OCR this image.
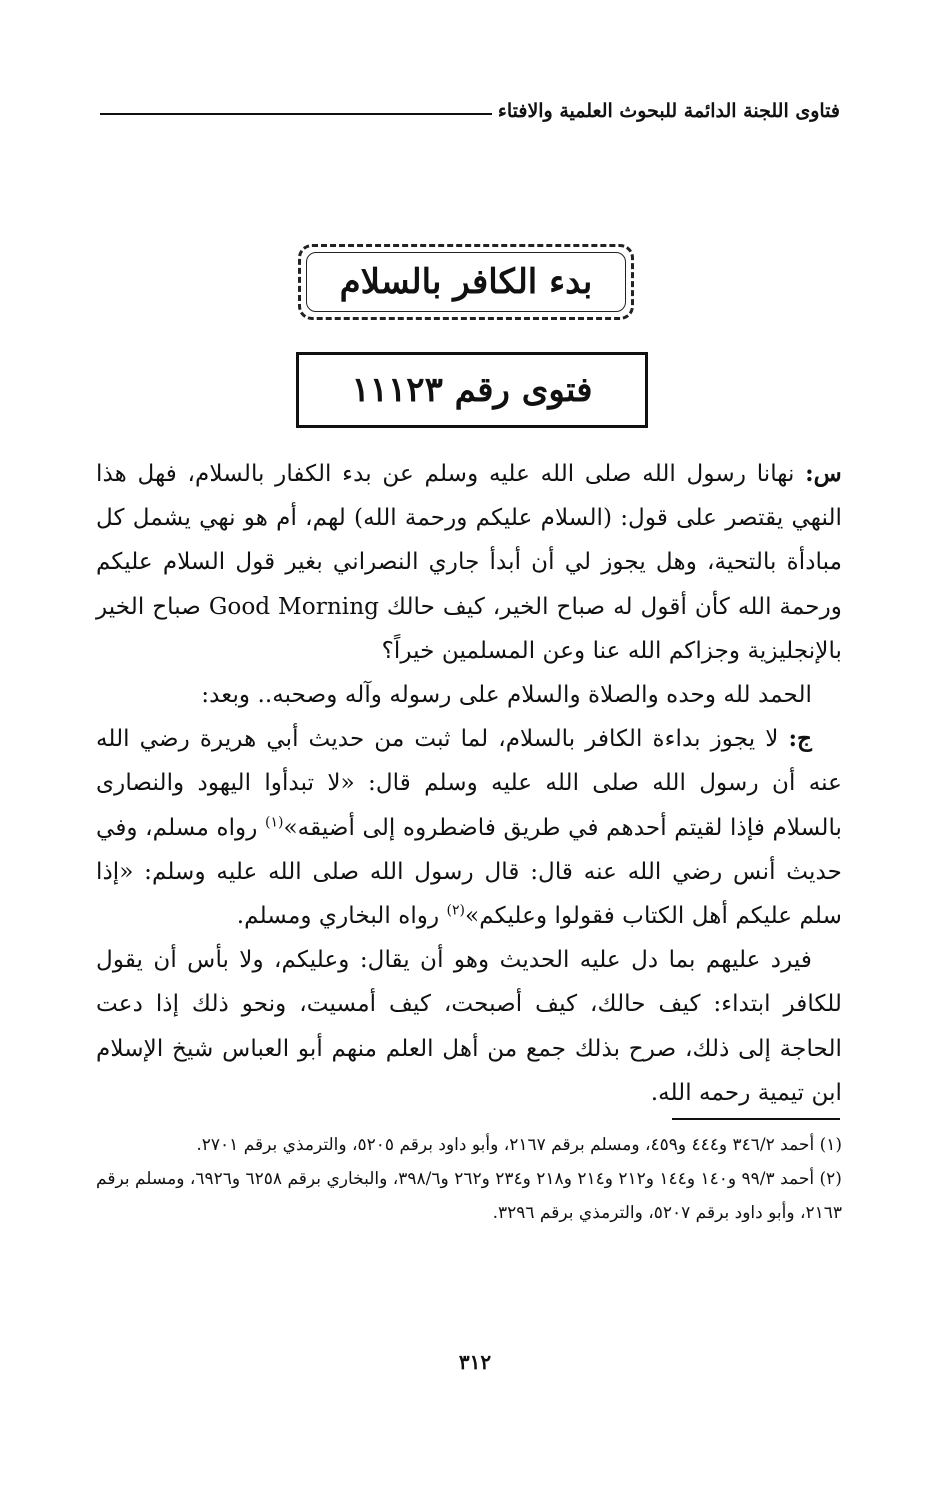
فتاوى اللجنة الدائمة للبحوث العلمية والافتاء
بدء الكافر بالسلام
فتوى رقم ١١١٢٣

س: نهانا رسول الله صلى الله عليه وسلم عن بدء الكفار بالسلام، فهل هذا النهي يقتصر على قول: (السلام عليكم ورحمة الله) لهم، أم هو نهي يشمل كل مبادأة بالتحية، وهل يجوز لي أن أبدأ جاري النصراني بغير قول السلام عليكم ورحمة الله كأن أقول له صباح الخير، كيف حالك Good Morning صباح الخير بالإنجليزية وجزاكم الله عنا وعن المسلمين خيراً؟

الحمد لله وحده والصلاة والسلام على رسوله وآله وصحبه.. وبعد:

ج: لا يجوز بداءة الكافر بالسلام، لما ثبت من حديث أبي هريرة رضي الله عنه أن رسول الله صلى الله عليه وسلم قال: «لا تبدأوا اليهود والنصارى بالسلام فإذا لقيتم أحدهم في طريق فاضطروه إلى أضيقه»$^{(١)}$ رواه مسلم، وفي حديث أنس رضي الله عنه قال: قال رسول الله صلى الله عليه وسلم: «إذا سلم عليكم أهل الكتاب فقولوا وعليكم»$^{(٢)}$ رواه البخاري ومسلم.

فيرد عليهم بما دل عليه الحديث وهو أن يقال: وعليكم، ولا بأس أن يقول للكافر ابتداء: كيف حالك، كيف أصبحت، كيف أمسيت، ونحو ذلك إذا دعت الحاجة إلى ذلك، صرح بذلك جمع من أهل العلم منهم أبو العباس شيخ الإسلام ابن تيمية رحمه الله.

(١) أحمد ٣٤٦/٢ و٤٤٤ و٤٥٩، ومسلم برقم ٢١٦٧، وأبو داود برقم ٥٢٠٥، والترمذي برقم ٢٧٠١.

(٢) أحمد ٩٩/٣ و١٤٠ و١٤٤ و٢١٢ و٢١٤ و٢١٨ و٢٣٤ و٢٦٢ و٣٩٨/٦، والبخاري برقم ٦٢٥٨ و٦٩٢٦، ومسلم برقم ٢١٦٣، وأبو داود برقم ٥٢٠٧، والترمذي برقم ٣٢٩٦.

٣١٢
